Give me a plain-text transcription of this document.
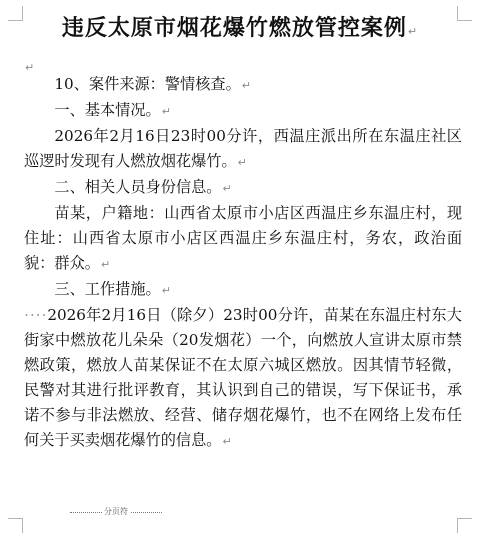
违反太原市烟花爆竹燃放管控案例↵
↵

10、案件来源：警情核查。↵

一、基本情况。↵

2026年2月16日23时00分许，西温庄派出所在东温庄社区巡逻时发现有人燃放烟花爆竹。↵

二、相关人员身份信息。↵

苗某，户籍地：山西省太原市小店区西温庄乡东温庄村，现住址：山西省太原市小店区西温庄乡东温庄村，务农，政治面貌：群众。↵

三、工作措施。↵

····2026年2月16日（除夕）23时00分许，苗某在东温庄村东大街家中燃放花儿朵朵（20发烟花）一个，向燃放人宣讲太原市禁燃政策，燃放人苗某保证不在太原六城区燃放。因其情节轻微，民警对其进行批评教育，其认识到自己的错误，写下保证书，承诺不参与非法燃放、经营、储存烟花爆竹，也不在网络上发布任何关于买卖烟花爆竹的信息。↵

分页符
